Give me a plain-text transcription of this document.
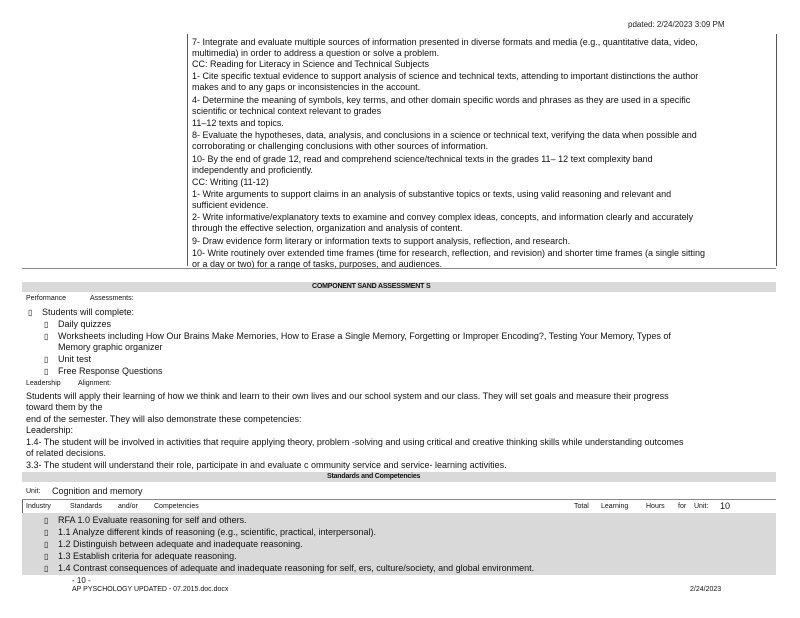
pdated: 2/24/2023 3:09 PM
7- Integrate and evaluate multiple sources of information presented in diverse formats and media (e.g., quantitative data, video,
multimedia) in order to address a question or solve a problem.
CC: Reading for Literacy in Science and Technical Subjects
1- Cite specific textual evidence to support analysis of science and technical texts, attending to important distinctions the author
makes and to any gaps or inconsistencies in the account.
4- Determine the meaning of symbols, key terms, and other domain specific words and phrases as they are used in a specific
scientific or technical context relevant to grades
11–12 texts and topics.
8- Evaluate the hypotheses, data, analysis, and conclusions in a science or technical text, verifying the data when possible and
corroborating or challenging conclusions with other sources of information.
10- By the end of grade 12, read and comprehend science/technical texts in the grades 11– 12 text complexity band
independently and proficiently.
CC: Writing (11-12)
1- Write arguments to support claims in an analysis of substantive topics or texts, using valid reasoning and relevant and
sufficient evidence.
2- Write informative/explanatory texts to examine and convey complex ideas, concepts, and information clearly and accurately
through the effective selection, organization and analysis of content.
9- Draw evidence form literary or information texts to support analysis, reflection, and research.
10- Write routinely over extended time frames (time for research, reflection, and revision) and shorter time frames (a single sitting
or a day or two) for a range of tasks, purposes, and audiences.
COMPONENT SAND ASSESSMENT S
Performance	Assessments:
▯ Students will complete:
▯ Daily quizzes
▯ Worksheets including How Our Brains Make Memories, How to Erase a Single Memory, Forgetting or Improper Encoding?, Testing Your Memory, Types of
Memory graphic organizer
▯ Unit test
▯ Free Response Questions
Leadership Alignment:
Students will apply their learning of how we think and learn to their own lives and our school system and our class. They will set goals and measure their progress
toward them by the
end of the semester. They will also demonstrate these competencies:
Leadership:
1.4- The student will be involved in activities that require applying theory, problem -solving and using critical and creative thinking skills while understanding outcomes
of related decisions.
3.3- The student will understand their role, participate in and evaluate c ommunity service and service- learning activities.
Standards and Competencies
Unit: Cognition and memory
Industry	Standards and/or Competencies	Total Learning	Hours for Unit: 10
▯ RFA 1.0 Evaluate reasoning for self and others.
▯ 1.1 Analyze different kinds of reasoning (e.g., scientific, practical, interpersonal).
▯ 1.2 Distinguish between adequate and inadequate reasoning.
▯ 1.3 Establish criteria for adequate reasoning.
▯ 1.4 Contrast consequences of adequate and inadequate reasoning for self, ers, culture/society, and global environment.
- 10 -
AP PYSCHOLOGY UPDATED - 07.2015.doc.docx	2/24/2023
